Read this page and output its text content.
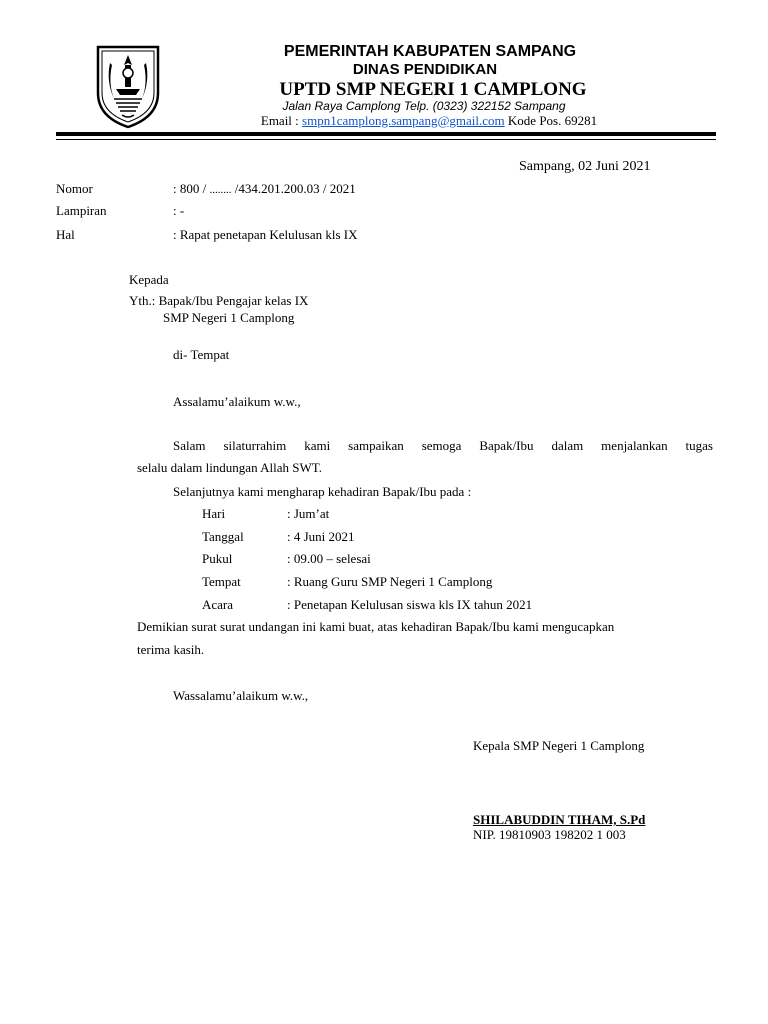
PEMERINTAH KABUPATEN SAMPANG
DINAS PENDIDIKAN
UPTD SMP NEGERI 1 CAMPLONG
Jalan Raya Camplong Telp. (0323) 322152 Sampang
Email : smpn1camplong.sampang@gmail.com Kode Pos. 69281
Sampang, 02 Juni 2021
Nomor	: 800 / ........ /434.201.200.03 / 2021
Lampiran	: -
Hal	: Rapat penetapan Kelulusan kls IX
Kepada
Yth.: Bapak/Ibu Pengajar kelas IX
SMP Negeri 1 Camplong
di- Tempat
Assalamu’alaikum w.w.,
Salam silaturrahim kami sampaikan semoga Bapak/Ibu dalam menjalankan tugas
selalu dalam lindungan Allah SWT.
Selanjutnya kami mengharap kehadiran Bapak/Ibu pada :
Hari	: Jum’at
Tanggal	: 4 Juni 2021
Pukul	: 09.00 – selesai
Tempat	: Ruang Guru SMP Negeri 1 Camplong
Acara	: Penetapan Kelulusan siswa kls IX tahun 2021
Demikian surat surat undangan ini kami buat, atas kehadiran Bapak/Ibu kami mengucapkan
terima kasih.
Wassalamu’alaikum w.w.,
Kepala SMP Negeri 1 Camplong
SHILABUDDIN TIHAM, S.Pd
NIP. 19810903 198202 1 003
